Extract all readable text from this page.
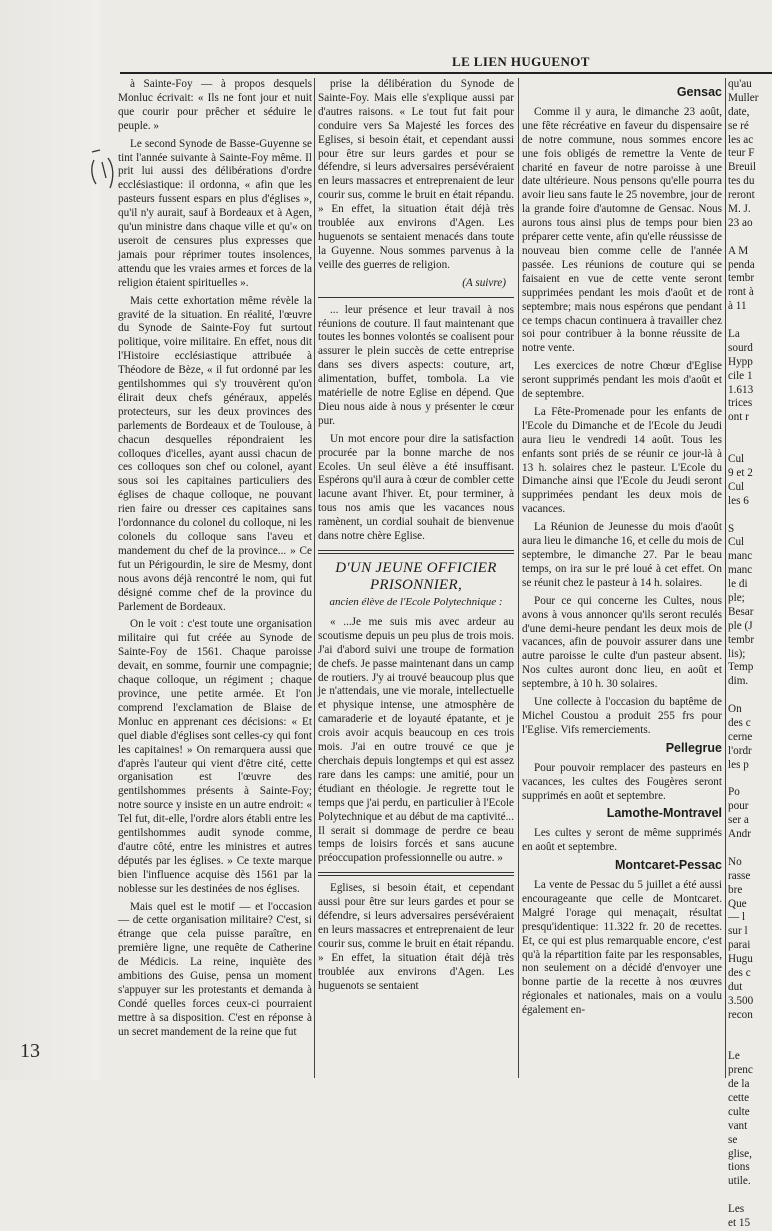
13
LE LIEN HUGUENOT

à Sainte-Foy — à propos desquels Monluc écrivait: « Ils ne font jour et nuit que courir pour prêcher et séduire le peuple. »

Le second Synode de Basse-Guyenne se tint l'année suivante à Sainte-Foy même. Il prit lui aussi des délibérations d'ordre ecclésiastique: il ordonna, « afin que les pasteurs fussent espars en plus d'églises », qu'il n'y aurait, sauf à Bordeaux et à Agen, qu'un ministre dans chaque ville et qu'« on useroit de censures plus expresses que jamais pour réprimer toutes insolences, attendu que les vraies armes et forces de la religion étaient spirituelles ».

Mais cette exhortation même révèle la gravité de la situation. En réalité, l'œuvre du Synode de Sainte-Foy fut surtout politique, voire militaire. En effet, nous dit l'Histoire ecclésiastique attribuée à Théodore de Bèze, « il fut ordonné par les gentilshommes qui s'y trouvèrent qu'on élirait deux chefs généraux, appelés protecteurs, sur les deux provinces des parlements de Bordeaux et de Toulouse, à chacun desquelles répondraient les colloques d'icelles, ayant aussi chacun de ces colloques son chef ou colonel, ayant sous soi les capitaines particuliers des églises de chaque colloque, ne pouvant rien faire ou dresser ces capitaines sans l'ordonnance du colonel du colloque, ni les colonels du colloque sans l'aveu et mandement du chef de la province... » Ce fut un Périgourdin, le sire de Mesmy, dont nous avons déjà rencontré le nom, qui fut désigné comme chef de la province du Parlement de Bordeaux.

On le voit : c'est toute une organisation militaire qui fut créée au Synode de Sainte-Foy de 1561. Chaque paroisse devait, en somme, fournir une compagnie; chaque colloque, un régiment ; chaque province, une petite armée. Et l'on comprend l'exclamation de Blaise de Monluc en apprenant ces décisions: « Et quel diable d'églises sont celles-cy qui font les capitaines! » On remarquera aussi que d'après l'auteur qui vient d'être cité, cette organisation est l'œuvre des gentilshommes présents à Sainte-Foy; notre source y insiste en un autre endroit: « Tel fut, dit-elle, l'ordre alors établi entre les gentilshommes audit synode comme, d'autre côté, entre les ministres et autres députés par les églises. » Ce texte marque bien l'influence acquise dès 1561 par la noblesse sur les destinées de nos églises.

Mais quel est le motif — et l'occasion — de cette organisation militaire? C'est, si étrange que cela puisse paraître, en première ligne, une requête de Catherine de Médicis. La reine, inquiète des ambitions des Guise, pensa un moment s'appuyer sur les protestants et demanda à Condé quelles forces ceux-ci pourraient mettre à sa disposition. C'est en réponse à un secret mandement de la reine que fut

prise la délibération du Synode de Sainte-Foy. Mais elle s'explique aussi par d'autres raisons. « Le tout fut fait pour conduire vers Sa Majesté les forces des Eglises, si besoin était, et cependant aussi pour être sur leurs gardes et pour se défendre, si leurs adversaires persévéraient en leurs massacres et entreprenaient de leur courir sus, comme le bruit en était répandu. » En effet, la situation était déjà très troublée aux environs d'Agen. Les huguenots se sentaient menacés dans toute la Guyenne. Nous sommes parvenus à la veille des guerres de religion.

(A suivre)

... leur présence et leur travail à nos réunions de couture. Il faut maintenant que toutes les bonnes volontés se coalisent pour assurer le plein succès de cette entreprise dans ses divers aspects: couture, art, alimentation, buffet, tombola. La vie matérielle de notre Eglise en dépend. Que Dieu nous aide à nous y présenter le cœur pur.

Un mot encore pour dire la satisfaction procurée par la bonne marche de nos Ecoles. Un seul élève a été insuffisant. Espérons qu'il aura à cœur de combler cette lacune avant l'hiver. Et, pour terminer, à tous nos amis que les vacances nous ramènent, un cordial souhait de bienvenue dans notre chère Eglise.

D'UN JEUNE OFFICIER PRISONNIER,
ancien élève de l'Ecole Polytechnique :

« ...Je me suis mis avec ardeur au scoutisme depuis un peu plus de trois mois. J'ai d'abord suivi une troupe de formation de chefs. Je passe maintenant dans un camp de routiers. J'y ai trouvé beaucoup plus que je n'attendais, une vie morale, intellectuelle et physique intense, une atmosphère de camaraderie et de loyauté épatante, et je crois avoir acquis beaucoup en ces trois mois. J'ai en outre trouvé ce que je cherchais depuis longtemps et qui est assez rare dans les camps: une amitié, pour un étudiant en théologie. Je regrette tout le temps que j'ai perdu, en particulier à l'Ecole Polytechnique et au début de ma captivité... Il serait si dommage de perdre ce beau temps de loisirs forcés et sans aucune préoccupation professionnelle ou autre. »

Eglises, si besoin était, et cependant aussi pour être sur leurs gardes et pour se défendre, si leurs adversaires persévéraient en leurs massacres et entreprenaient de leur courir sus, comme le bruit en était répandu. » En effet, la situation était déjà très troublée aux environs d'Agen. Les huguenots se sentaient

Gensac

Comme il y aura, le dimanche 23 août, une fête récréative en faveur du dispensaire de notre commune, nous sommes encore une fois obligés de remettre la Vente de charité en faveur de notre paroisse à une date ultérieure. Nous pensons qu'elle pourra avoir lieu sans faute le 25 novembre, jour de la grande foire d'automne de Gensac. Nous aurons tous ainsi plus de temps pour bien préparer cette vente, afin qu'elle réussisse de nouveau bien comme celle de l'année passée. Les réunions de couture qui se faisaient en vue de cette vente seront supprimées pendant les mois d'août et de septembre; mais nous espérons que pendant ce temps chacun continuera à travailler chez soi pour contribuer à la bonne réussite de notre vente.

Les exercices de notre Chœur d'Eglise seront supprimés pendant les mois d'août et de septembre.

La Fête-Promenade pour les enfants de l'Ecole du Dimanche et de l'Ecole du Jeudi aura lieu le vendredi 14 août. Tous les enfants sont priés de se réunir ce jour-là à 13 h. solaires chez le pasteur. L'Ecole du Dimanche ainsi que l'Ecole du Jeudi seront supprimées pendant les deux mois de vacances.

La Réunion de Jeunesse du mois d'août aura lieu le dimanche 16, et celle du mois de septembre, le dimanche 27. Par le beau temps, on ira sur le pré loué à cet effet. On se réunit chez le pasteur à 14 h. solaires.

Pour ce qui concerne les Cultes, nous avons à vous annoncer qu'ils seront reculés d'une demi-heure pendant les deux mois de vacances, afin de pouvoir assurer dans une autre paroisse le culte d'un pasteur absent. Nos cultes auront donc lieu, en août et septembre, à 10 h. 30 solaires.

Une collecte à l'occasion du baptême de Michel Coustou a produit 255 frs pour l'Eglise. Vifs remerciements.

Pellegrue

Pour pouvoir remplacer des pasteurs en vacances, les cultes des Fougères seront supprimés en août et septembre.

Lamothe-Montravel

Les cultes y seront de même supprimés en août et septembre.

Montcaret-Pessac

La vente de Pessac du 5 juillet a été aussi encourageante que celle de Montcaret. Malgré l'orage qui menaçait, résultat presqu'identique: 11.322 fr. 20 de recettes. Et, ce qui est plus remarquable encore, c'est qu'à la répartition faite par les responsables, non seulement on a décidé d'envoyer une bonne partie de la recette à nos œuvres régionales et nationales, mais on a voulu également en-

qu'au
Muller
date,
se ré
les ac
teur F
Breuil
tes du
reront
M. J.
23 ao
A M
penda
tembr
ront à
à 11
La
sourd
Hypp
cile 1
1.613
trices
ont r
Cul
9 et 2
Cul
les 6
S
Cul
manc
manc
le di
ple;
Besar
ple (J
tembr
lis);
Temp
dim.
On
des c
cerne
l'ordr
les p
Po
pour
ser a
Andr
No
rasse
bre
Que
— l
sur l
parai
Hugu
des c
dut
3.500
recon
Le
prenc
de la
cette
culte
vant
se
glise,
tions
utile.
Les
et 15
